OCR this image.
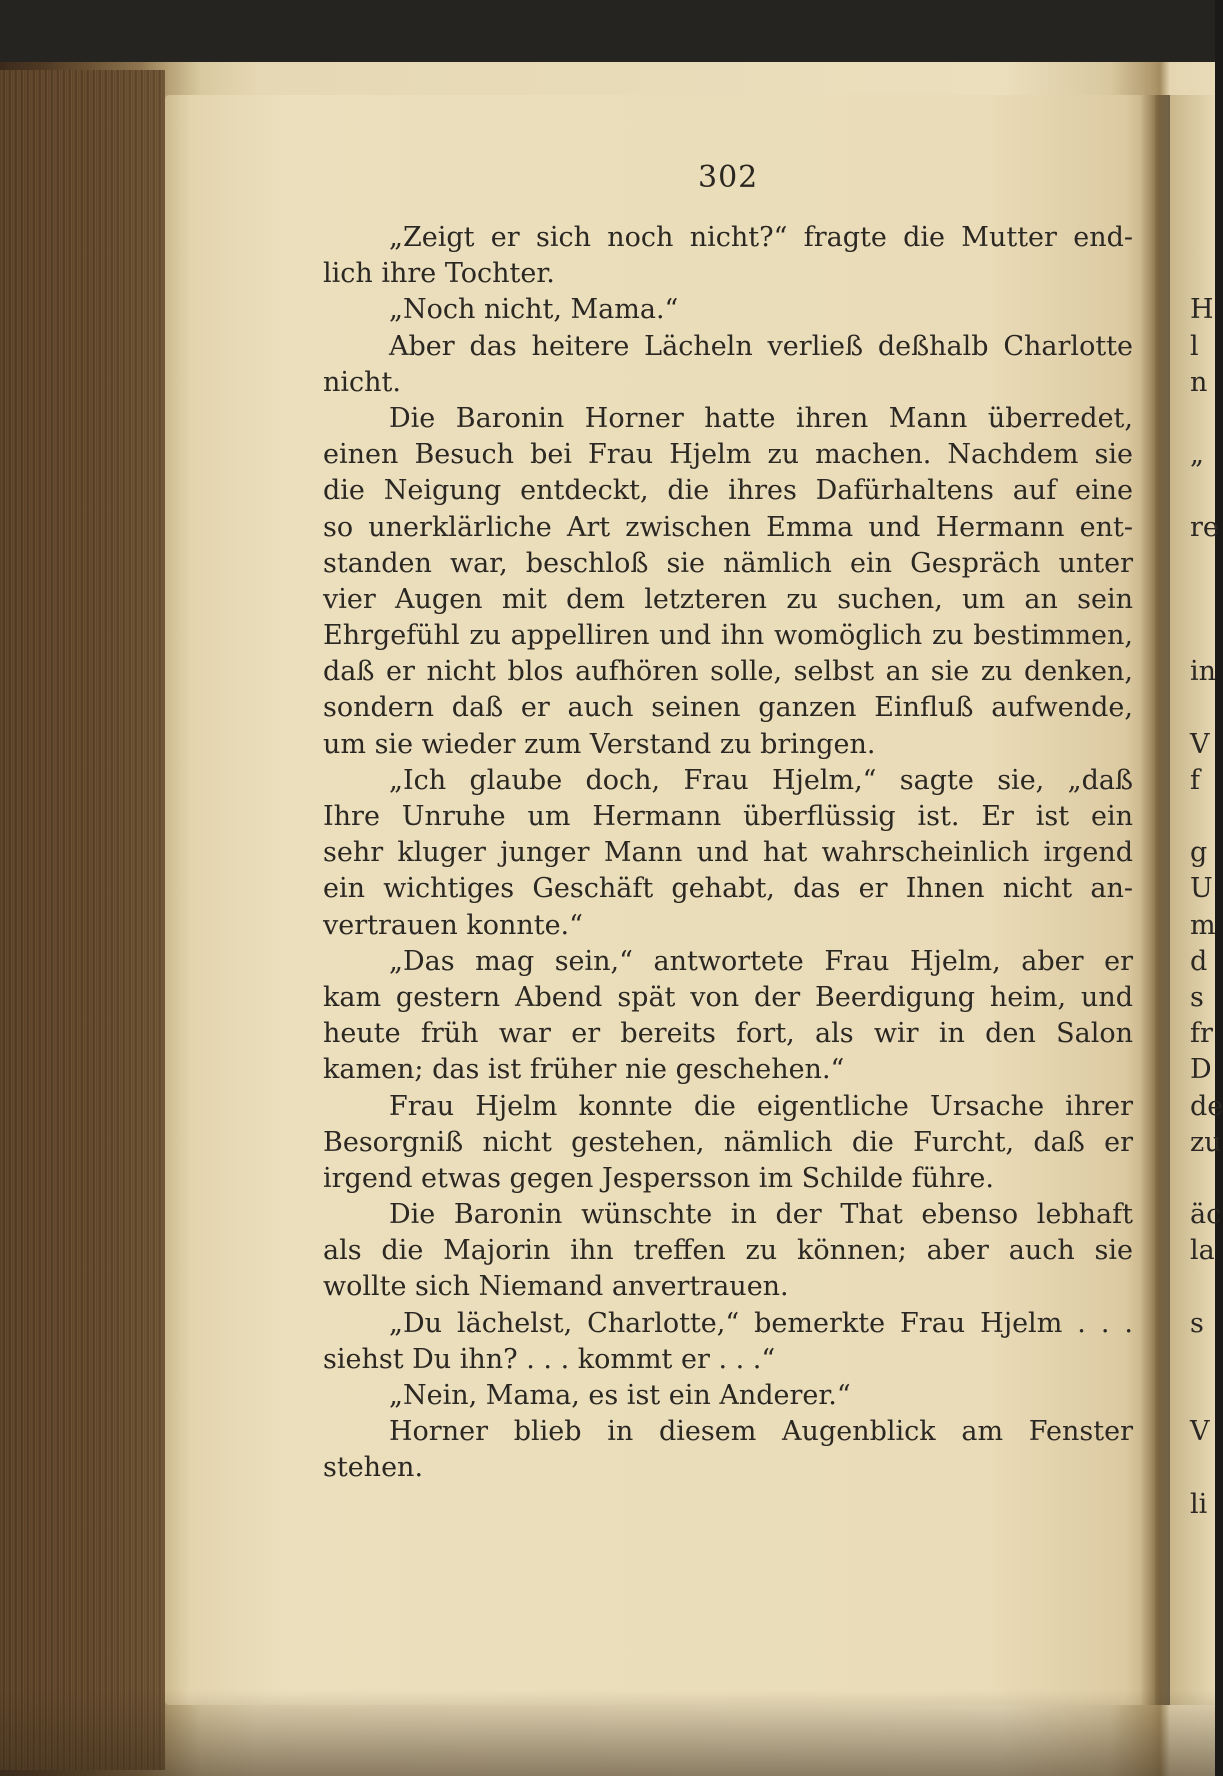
302
„Zeigt er sich noch nicht?“ fragte die Mutter end-
lich ihre Tochter.
„Noch nicht, Mama.“
Aber das heitere Lächeln verließ deßhalb Charlotte
nicht.
Die Baronin Horner hatte ihren Mann überredet,
einen Besuch bei Frau Hjelm zu machen. Nachdem sie
die Neigung entdeckt, die ihres Dafürhaltens auf eine
so unerklärliche Art zwischen Emma und Hermann ent-
standen war, beschloß sie nämlich ein Gespräch unter
vier Augen mit dem letzteren zu suchen, um an sein
Ehrgefühl zu appelliren und ihn womöglich zu bestimmen,
daß er nicht blos aufhören solle, selbst an sie zu denken,
sondern daß er auch seinen ganzen Einfluß aufwende,
um sie wieder zum Verstand zu bringen.
„Ich glaube doch, Frau Hjelm,“ sagte sie, „daß
Ihre Unruhe um Hermann überflüssig ist. Er ist ein
sehr kluger junger Mann und hat wahrscheinlich irgend
ein wichtiges Geschäft gehabt, das er Ihnen nicht an-
vertrauen konnte.“
„Das mag sein,“ antwortete Frau Hjelm, aber er
kam gestern Abend spät von der Beerdigung heim, und
heute früh war er bereits fort, als wir in den Salon
kamen; das ist früher nie geschehen.“
Frau Hjelm konnte die eigentliche Ursache ihrer
Besorgniß nicht gestehen, nämlich die Furcht, daß er
irgend etwas gegen Jespersson im Schilde führe.
Die Baronin wünschte in der That ebenso lebhaft
als die Majorin ihn treffen zu können; aber auch sie
wollte sich Niemand anvertrauen.
„Du lächelst, Charlotte,“ bemerkte Frau Hjelm . . .
siehst Du ihn? . . . kommt er . . .“
„Nein, Mama, es ist ein Anderer.“
Horner blieb in diesem Augenblick am Fenster
stehen.
H
l
n
„
re
in
V
f
g
U
m
d
s
fr
D
de
zu
äc
la
s
V
li
